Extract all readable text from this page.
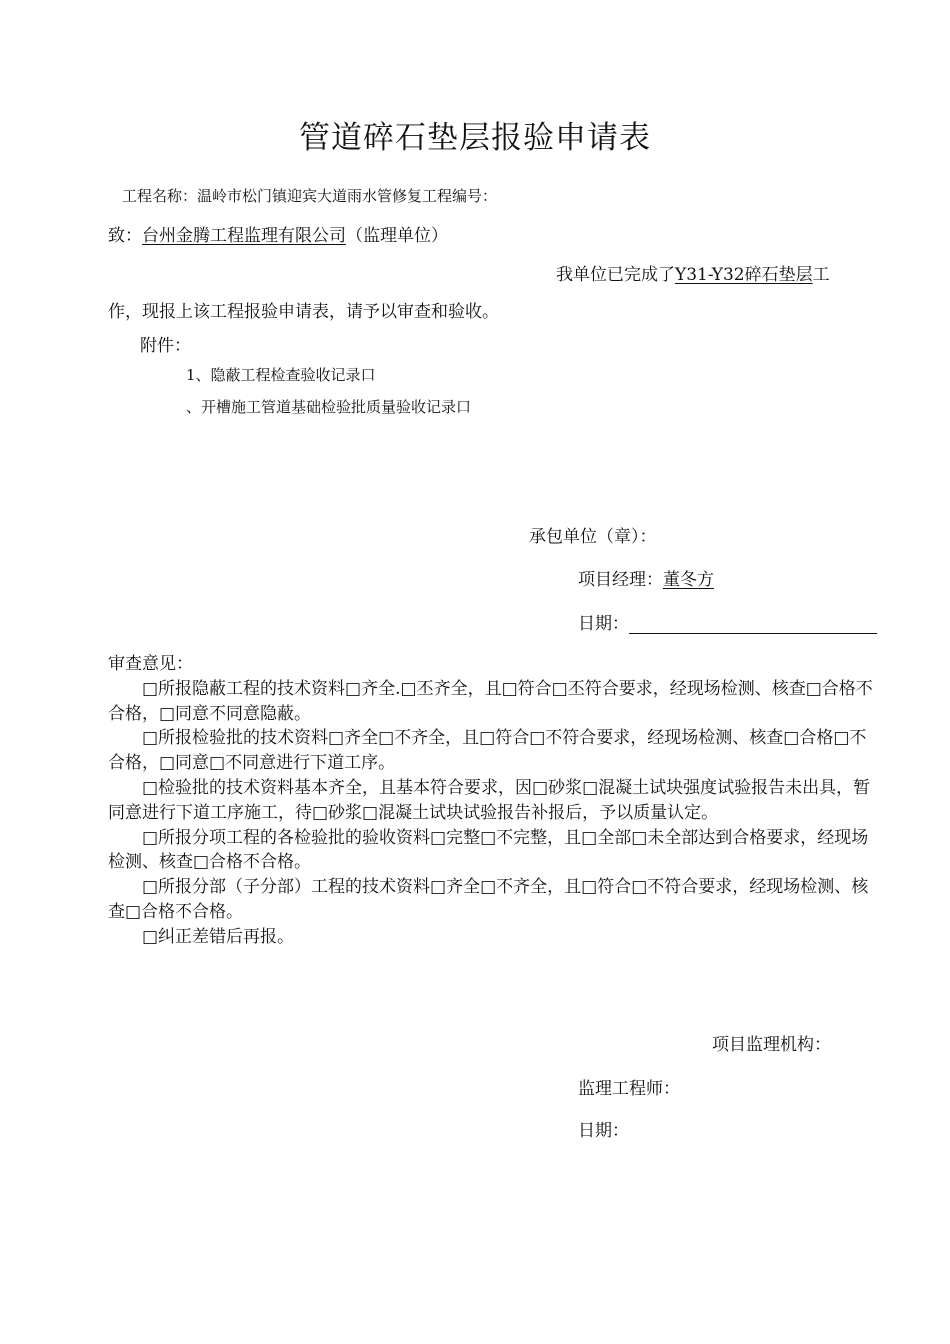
管道碎石垫层报验申请表
工程名称：温岭市松门镇迎宾大道雨水管修复工程编号：
致：台州金腾工程监理有限公司（监理单位）
我单位已完成了Y31-Y32碎石垫层工
作，现报上该工程报验申请表，请予以审查和验收。
附件：
1、隐蔽工程检查验收记录口
、开槽施工管道基础检验批质量验收记录口
承包单位（章）：
项目经理：董冬方
日期：

审查意见：

□所报隐蔽工程的技术资料□齐全.□丕齐全，且□符合□丕符合要求，经现场检测、核查□合格不合格，□同意不同意隐蔽。

□所报检验批的技术资料□齐全□不齐全，且□符合□不符合要求，经现场检测、核查□合格□不合格，□同意□不同意进行下道工序。

□检验批的技术资料基本齐全，且基本符合要求，因□砂浆□混凝土试块强度试验报告未出具，暂同意进行下道工序施工，待□砂浆□混凝土试块试验报告补报后，予以质量认定。

□所报分项工程的各检验批的验收资料□完整□不完整，且□全部□未全部达到合格要求，经现场检测、核查□合格不合格。

□所报分部（子分部）工程的技术资料□齐全□不齐全，且□符合□不符合要求，经现场检测、核查□合格不合格。

□纠正差错后再报。

项目监理机构：
监理工程师：
日期：
